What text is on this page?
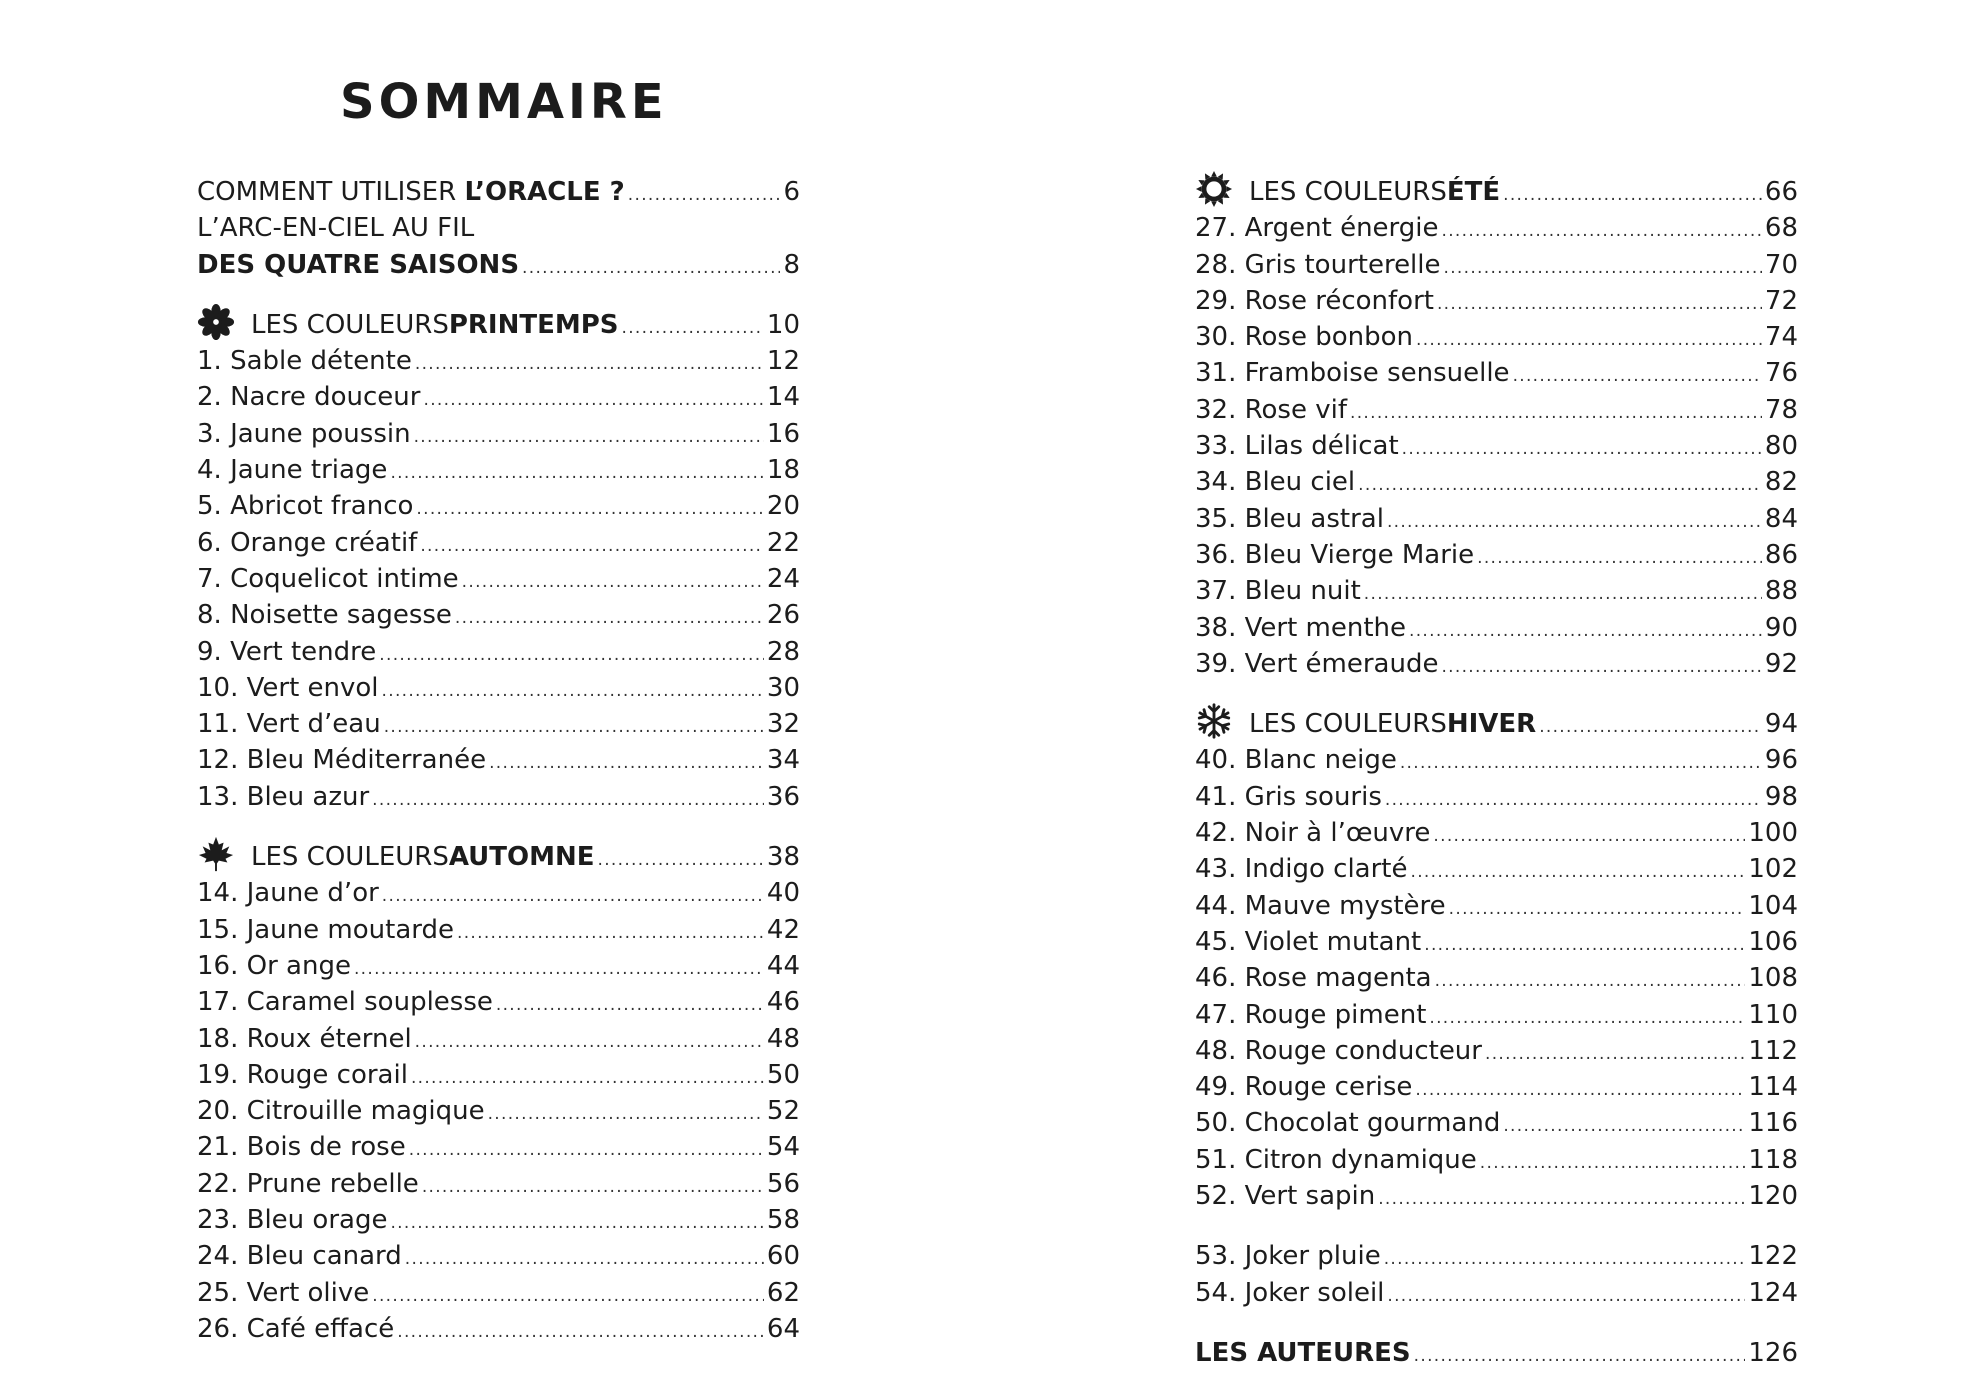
SOMMAIRE
COMMENT UTILISER L’ORACLE ? .....	6
L’ARC-EN-CIEL AU FIL
DES QUATRE SAISONS .....	8
LES COULEURS PRINTEMPS .....	10
1. Sable détente .....	12
2. Nacre douceur .....	14
3. Jaune poussin .....	16
4. Jaune triage .....	18
5. Abricot franco .....	20
6. Orange créatif .....	22
7. Coquelicot intime .....	24
8. Noisette sagesse .....	26
9. Vert tendre .....	28
10. Vert envol .....	30
11. Vert d’eau .....	32
12. Bleu Méditerranée .....	34
13. Bleu azur .....	36
LES COULEURS AUTOMNE .....	38
14. Jaune d’or .....	40
15. Jaune moutarde .....	42
16. Or ange .....	44
17. Caramel souplesse .....	46
18. Roux éternel .....	48
19. Rouge corail .....	50
20. Citrouille magique .....	52
21. Bois de rose .....	54
22. Prune rebelle .....	56
23. Bleu orage .....	58
24. Bleu canard .....	60
25. Vert olive .....	62
26. Café effacé .....	64
LES COULEURS ÉTÉ .....	66
27. Argent énergie .....	68
28. Gris tourterelle .....	70
29. Rose réconfort .....	72
30. Rose bonbon .....	74
31. Framboise sensuelle .....	76
32. Rose vif .....	78
33. Lilas délicat .....	80
34. Bleu ciel .....	82
35. Bleu astral .....	84
36. Bleu Vierge Marie .....	86
37. Bleu nuit .....	88
38. Vert menthe .....	90
39. Vert émeraude .....	92
LES COULEURS HIVER .....	94
40. Blanc neige .....	96
41. Gris souris .....	98
42. Noir à l’œuvre .....	100
43. Indigo clarté .....	102
44. Mauve mystère .....	104
45. Violet mutant .....	106
46. Rose magenta .....	108
47. Rouge piment .....	110
48. Rouge conducteur .....	112
49. Rouge cerise .....	114
50. Chocolat gourmand .....	116
51. Citron dynamique .....	118
52. Vert sapin .....	120
53. Joker pluie .....	122
54. Joker soleil .....	124
LES AUTEURES .....	126
